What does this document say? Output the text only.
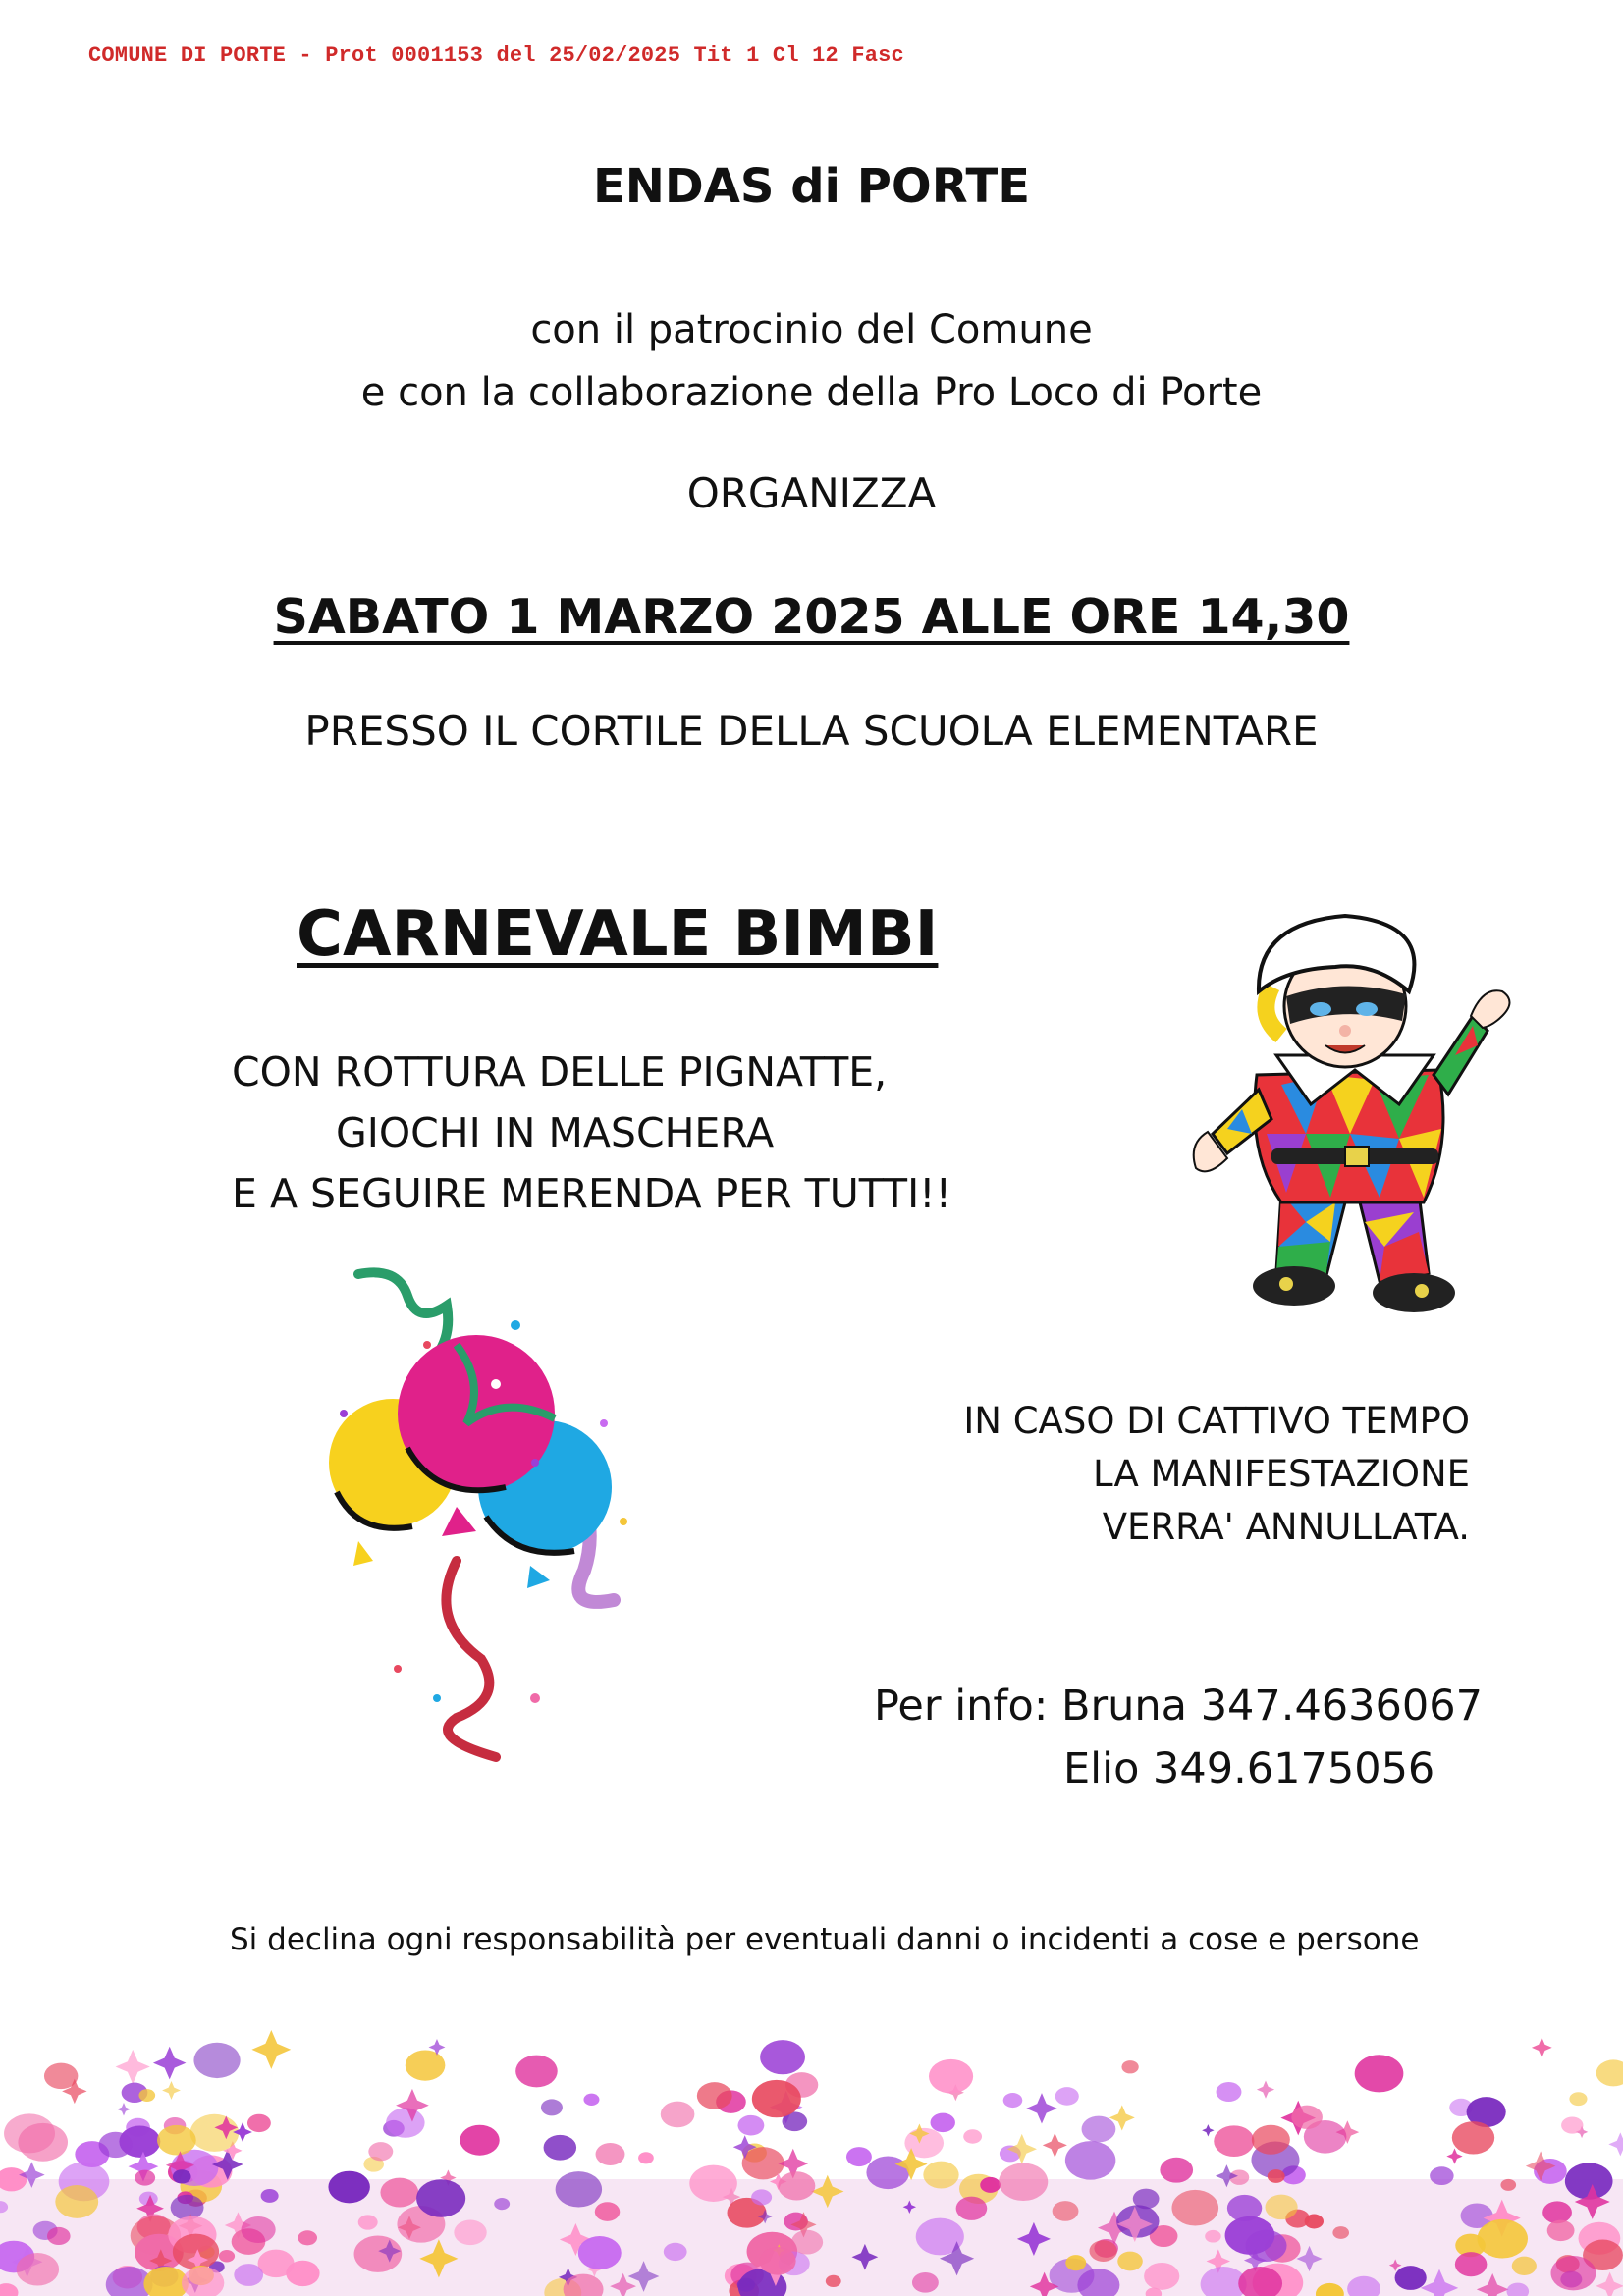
COMUNE DI PORTE - Prot 0001153 del 25/02/2025 Tit 1 Cl 12 Fasc
ENDAS di PORTE
con il patrocinio del Comune
e con la collaborazione della Pro Loco di Porte
ORGANIZZA
SABATO 1 MARZO 2025 ALLE ORE 14,30
PRESSO IL CORTILE DELLA SCUOLA ELEMENTARE
CARNEVALE BIMBI
CON ROTTURA DELLE PIGNATTE,
GIOCHI IN MASCHERA
E A SEGUIRE MERENDA PER TUTTI!!
IN CASO DI CATTIVO TEMPO
LA MANIFESTAZIONE
VERRA' ANNULLATA.
Per info: Bruna 347.4636067
Elio 349.6175056
Si declina ogni responsabilità per eventuali danni o incidenti a cose e persone
